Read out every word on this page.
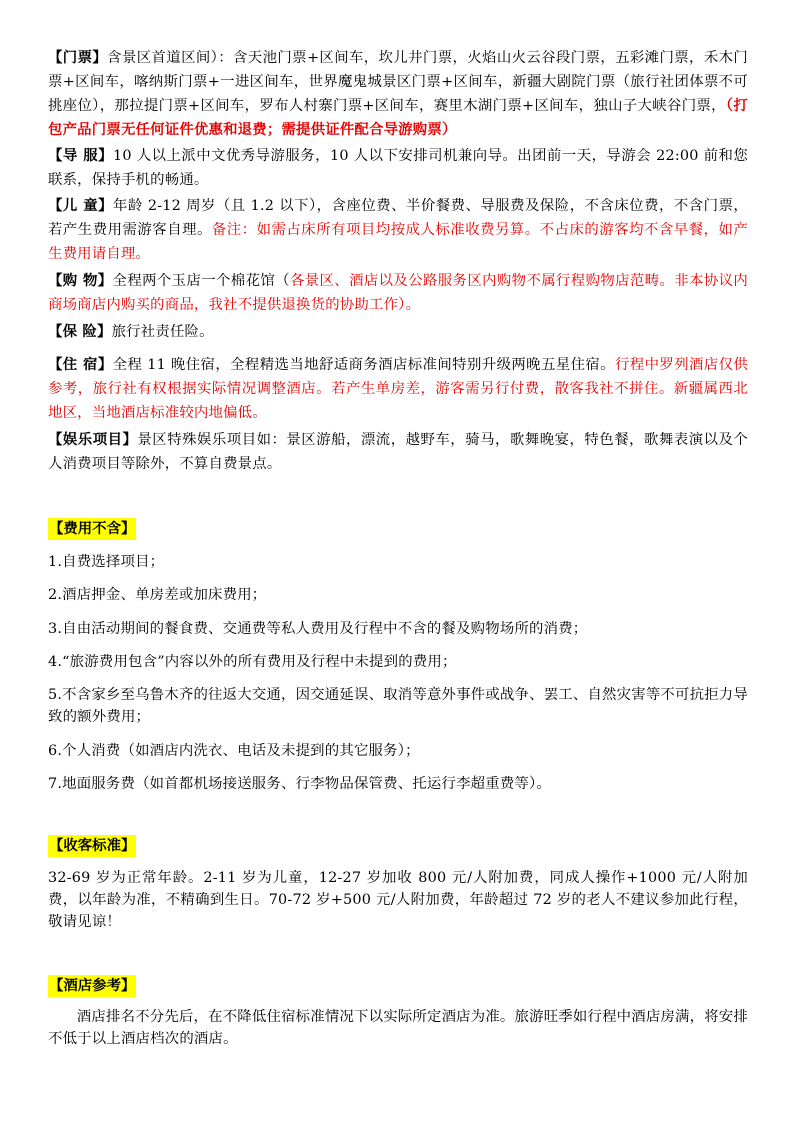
【门票】含景区首道区间）：含天池门票+区间车，坎儿井门票，火焰山火云谷段门票，五彩滩门票，禾木门票+区间车，喀纳斯门票+一进区间车，世界魔鬼城景区门票+区间车，新疆大剧院门票（旅行社团体票不可挑座位），那拉提门票+区间车，罗布人村寨门票+区间车，赛里木湖门票+区间车，独山子大峡谷门票，（打包产品门票无任何证件优惠和退费；需提供证件配合导游购票）
【导 服】10 人以上派中文优秀导游服务，10 人以下安排司机兼向导。出团前一天，导游会 22:00 前和您联系，保持手机的畅通。
【儿 童】年龄 2-12 周岁（且 1.2 以下），含座位费、半价餐费、导服费及保险，不含床位费，不含门票，若产生费用需游客自理。备注：如需占床所有项目均按成人标准收费另算。不占床的游客均不含早餐，如产生费用请自理。
【购 物】全程两个玉店一个棉花馆（各景区、酒店以及公路服务区内购物不属行程购物店范畴。非本协议内商场商店内购买的商品，我社不提供退换货的协助工作）。
【保 险】旅行社责任险。
【住 宿】全程 11 晚住宿，全程精选当地舒适商务酒店标准间特别升级两晚五星住宿。行程中罗列酒店仅供参考，旅行社有权根据实际情况调整酒店。若产生单房差，游客需另行付费，散客我社不拼住。新疆属西北地区，当地酒店标准较内地偏低。
【娱乐项目】景区特殊娱乐项目如：景区游船，漂流，越野车，骑马，歌舞晚宴，特色餐，歌舞表演以及个人消费项目等除外，不算自费景点。
【费用不含】
1.自费选择项目；
2.酒店押金、单房差或加床费用；
3.自由活动期间的餐食费、交通费等私人费用及行程中不含的餐及购物场所的消费；
4.“旅游费用包含”内容以外的所有费用及行程中未提到的费用；
5.不含家乡至乌鲁木齐的往返大交通，因交通延误、取消等意外事件或战争、罢工、自然灾害等不可抗拒力导致的额外费用；
6.个人消费（如酒店内洗衣、电话及未提到的其它服务）；
7.地面服务费（如首都机场接送服务、行李物品保管费、托运行李超重费等）。
【收客标准】
32-69 岁为正常年龄。2-11 岁为儿童，12-27 岁加收 800 元/人附加费，同成人操作+1000 元/人附加费，以年龄为准，不精确到生日。70-72 岁+500 元/人附加费，年龄超过 72 岁的老人不建议参加此行程，敬请见谅！
【酒店参考】
酒店排名不分先后，在不降低住宿标准情况下以实际所定酒店为准。旅游旺季如行程中酒店房满，将安排不低于以上酒店档次的酒店。
